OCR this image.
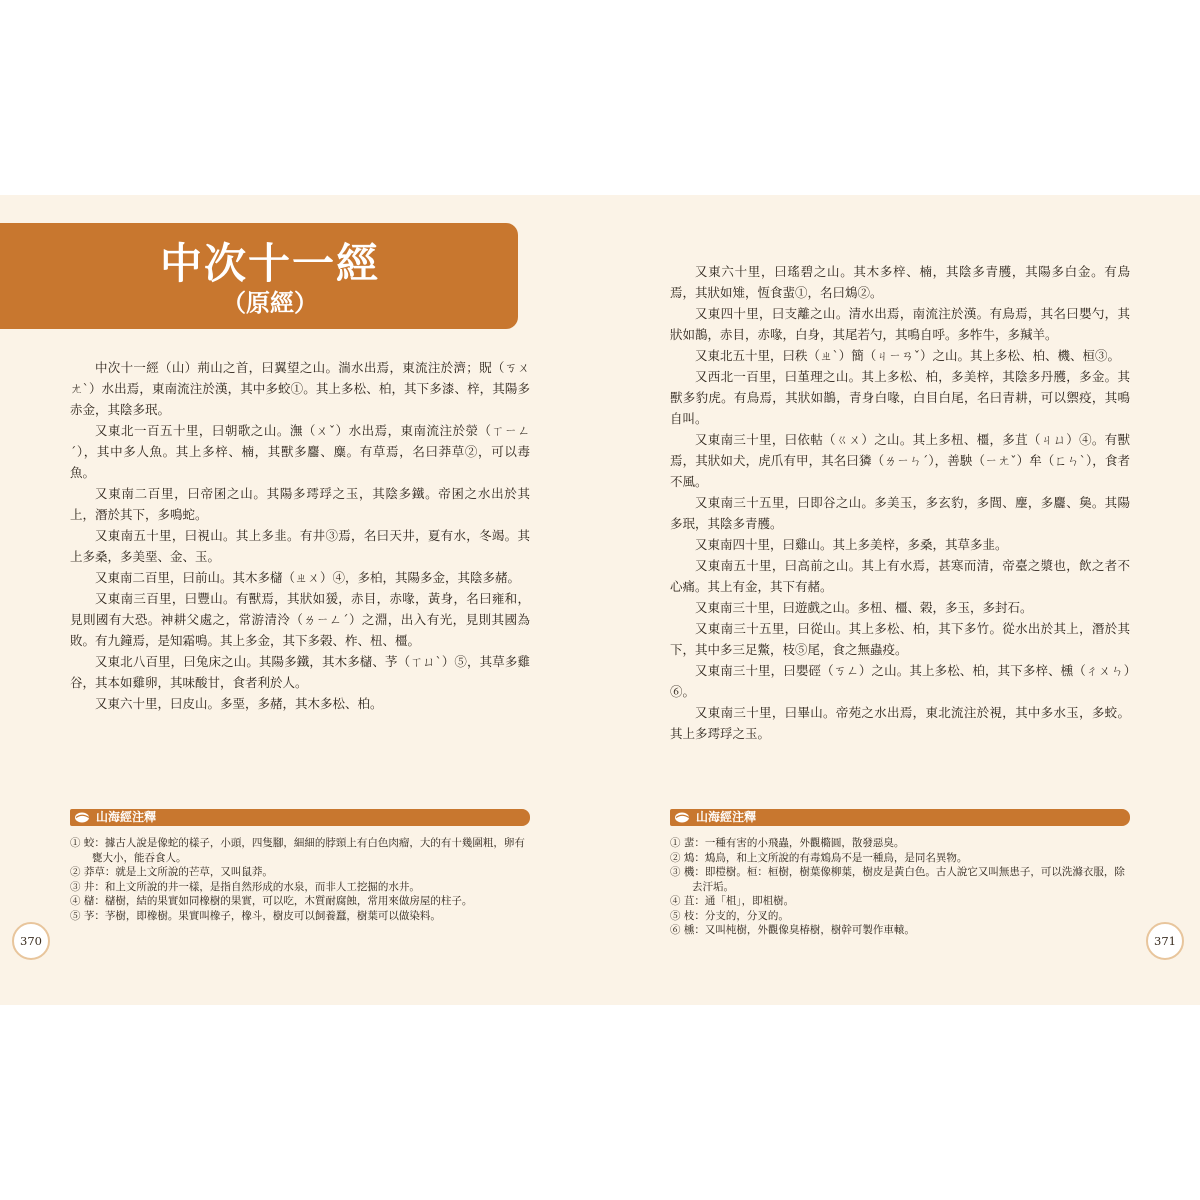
中次十一經
（原經）

中次十一經（山）荊山之首，曰翼望之山。湍水出焉，東流注於濟；貺（ㄎㄨㄤˋ）水出焉，東南流注於漢，其中多蛟①。其上多松、柏，其下多漆、梓，其陽多赤金，其陰多珉。

又東北一百五十里，曰朝歌之山。潕（ㄨˇ）水出焉，東南流注於滎（ㄒㄧㄥˊ），其中多人魚。其上多梓、楠，其獸多麢、麋。有草焉，名曰莽草②，可以毒魚。

又東南二百里，曰帝囷之山。其陽多㻬琈之玉，其陰多鐵。帝囷之水出於其上，潛於其下，多鳴蛇。

又東南五十里，曰視山。其上多韭。有井③焉，名曰天井，夏有水，冬竭。其上多桑，多美堊、金、玉。

又東南二百里，曰前山。其木多櫧（ㄓㄨ）④，多柏，其陽多金，其陰多赭。

又東南三百里，曰豐山。有獸焉，其狀如猨，赤目，赤喙，黃身，名曰雍和，見則國有大恐。神耕父處之，常游清泠（ㄌㄧㄥˊ）之淵，出入有光，見則其國為敗。有九鐘焉，是知霜鳴。其上多金，其下多榖、柞、杻、橿。

又東北八百里，曰兔床之山。其陽多鐵，其木多櫧、芧（ㄒㄩˋ）⑤，其草多雞谷，其本如雞卵，其味酸甘，食者利於人。

又東六十里，曰皮山。多堊，多赭，其木多松、柏。

又東六十里，曰瑤碧之山。其木多梓、楠，其陰多青雘，其陽多白金。有鳥焉，其狀如雉，恆食蜚①，名曰鴆②。

又東四十里，曰支離之山。清水出焉，南流注於漢。有鳥焉，其名曰嬰勺，其狀如鵲，赤目，赤喙，白身，其尾若勺，其鳴自呼。多㸲牛，多羬羊。

又東北五十里，曰秩（ㄓˋ）簡（ㄐㄧㄢˇ）之山。其上多松、柏、機、桓③。

又西北一百里，曰堇理之山。其上多松、柏，多美梓，其陰多丹雘，多金。其獸多豹虎。有鳥焉，其狀如鵲，青身白喙，白目白尾，名曰青耕，可以禦疫，其鳴自叫。

又東南三十里，曰依軲（ㄍㄨ）之山。其上多杻、橿，多苴（ㄐㄩ）④。有獸焉，其狀如犬，虎爪有甲，其名曰獜（ㄌㄧㄣˊ），善駚（ㄧㄤˇ）牟（ㄈㄣˋ），食者不風。

又東南三十五里，曰即谷之山。多美玉，多玄豹，多閭、麈，多麢、㚟。其陽多珉，其陰多青雘。

又東南四十里，曰雞山。其上多美梓，多桑，其草多韭。

又東南五十里，曰高前之山。其上有水焉，甚寒而清，帝臺之漿也，飲之者不心痛。其上有金，其下有赭。

又東南三十里，曰遊戲之山。多杻、橿、榖，多玉，多封石。

又東南三十五里，曰從山。其上多松、柏，其下多竹。從水出於其上，潛於其下，其中多三足鱉，枝⑤尾，食之無蟲疫。

又東南三十里，曰嬰硜（ㄎㄥ）之山。其上多松、柏，其下多梓、櫄（ㄔㄨㄣ）⑥。

又東南三十里，曰畢山。帝苑之水出焉，東北流注於視，其中多水玉，多蛟。其上多㻬琈之玉。

山海經注釋
① 蛟：據古人說是像蛇的樣子，小頭，四隻腳，細細的脖頸上有白色肉瘤，大的有十幾圍粗，卵有甕大小，能吞食人。
② 莽草：就是上文所說的芒草，又叫鼠莽。
③ 井：和上文所說的井一樣，是指自然形成的水泉，而非人工挖掘的水井。
④ 櫧：櫧樹，結的果實如同橡樹的果實，可以吃，木質耐腐蝕，常用來做房屋的柱子。
⑤ 芧：芧樹，即橡樹。果實叫橡子，橡斗，樹皮可以飼養蠶，樹葉可以做染料。
山海經注釋
① 蜚：一種有害的小飛蟲，外觀橢圓，散發惡臭。
② 鴆：鴆鳥，和上文所說的有毒鴆鳥不是一種鳥，是同名異物。
③ 機：即榿樹。桓：桓樹，樹葉像柳葉，樹皮是黃白色。古人說它又叫無患子，可以洗滌衣服，除去汗垢。
④ 苴：通「柤」，即柤樹。
⑤ 枝：分支的，分叉的。
⑥ 櫄：又叫杶樹，外觀像臭椿樹，樹幹可製作車轅。
370	371
